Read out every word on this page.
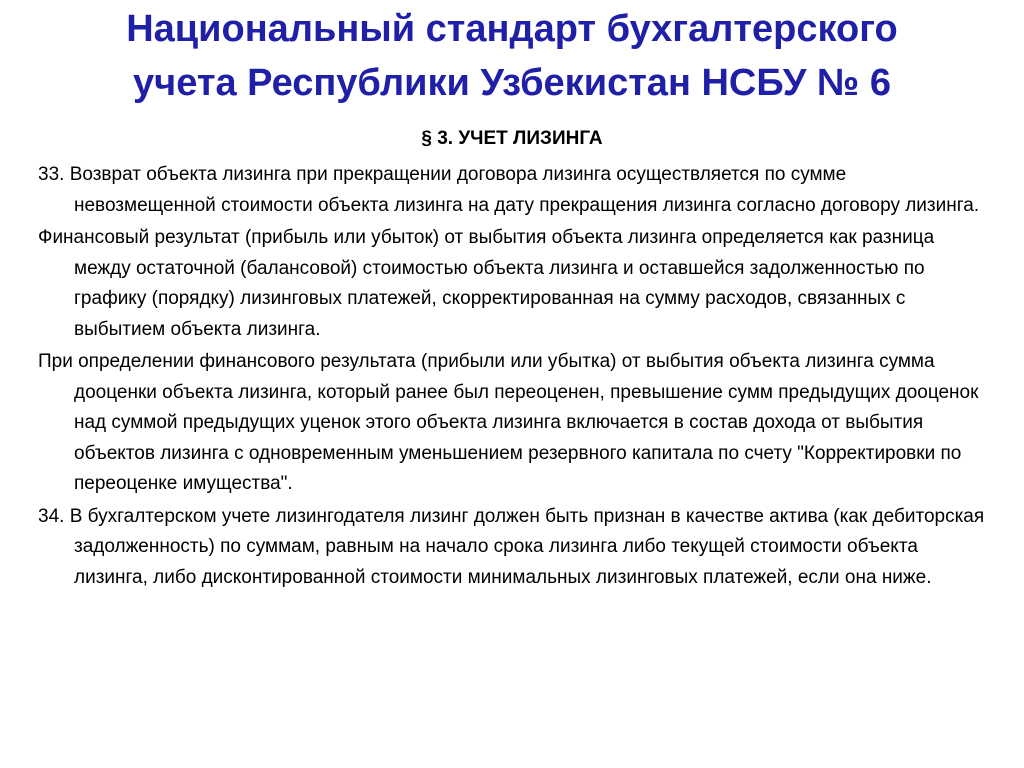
Национальный стандарт бухгалтерского
учета Республики Узбекистан НСБУ № 6
§ 3. УЧЕТ ЛИЗИНГА

33. Возврат объекта лизинга при прекращении договора лизинга осуществляется по сумме невозмещенной стоимости объекта лизинга на дату прекращения лизинга согласно договору лизинга.

Финансовый результат (прибыль или убыток) от выбытия объекта лизинга определяется как разница между остаточной (балансовой) стоимостью объекта лизинга и оставшейся задолженностью по графику (порядку) лизинговых платежей, скорректированная на сумму расходов, связанных с выбытием объекта лизинга.

При определении финансового результата (прибыли или убытка) от выбытия объекта лизинга сумма дооценки объекта лизинга, который ранее был переоценен, превышение сумм предыдущих дооценок над суммой предыдущих уценок этого объекта лизинга включается в состав дохода от выбытия объектов лизинга с одновременным уменьшением резервного капитала по счету "Корректировки по переоценке имущества".

34. В бухгалтерском учете лизингодателя лизинг должен быть признан в качестве актива (как дебиторская задолженность) по суммам, равным на начало срока лизинга либо текущей стоимости объекта лизинга, либо дисконтированной стоимости минимальных лизинговых платежей, если она ниже.
